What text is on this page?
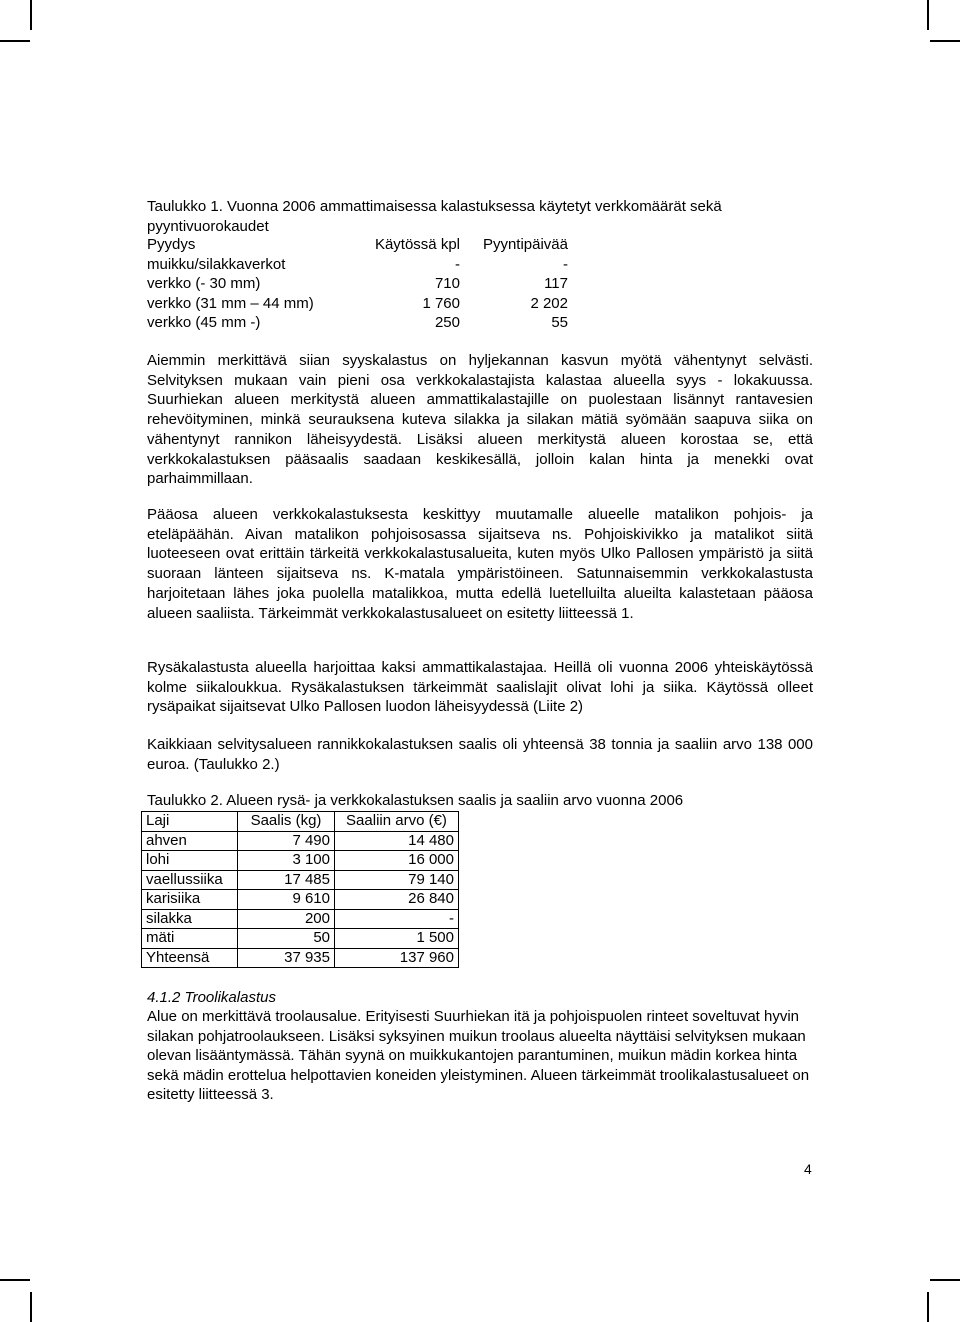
Taulukko 1. Vuonna 2006 ammattimaisessa kalastuksessa käytetyt verkkomäärät sekä pyyntivuorokaudet
Pyydys	Käytössä kpl	Pyyntipäivää
muikku/silakkaverkot	-	-
verkko (- 30 mm)	710	117
verkko (31 mm – 44 mm)	1 760	2 202
verkko (45 mm -)	250	55
Aiemmin merkittävä siian syyskalastus on hyljekannan kasvun myötä vähentynyt selvästi. Selvityksen mukaan vain pieni osa verkkokalastajista kalastaa alueella syys - lokakuussa. Suurhiekan alueen merkitystä alueen ammattikalastajille on puolestaan lisännyt rantavesien rehevöityminen, minkä seurauksena kuteva silakka ja silakan mätiä syömään saapuva siika on vähentynyt rannikon läheisyydestä. Lisäksi alueen merkitystä alueen korostaa se, että verkkokalastuksen pääsaalis saadaan keskikesällä, jolloin kalan hinta ja menekki ovat parhaimmillaan.
Pääosa alueen verkkokalastuksesta keskittyy muutamalle alueelle matalikon pohjois- ja eteläpäähän. Aivan matalikon pohjoisosassa sijaitseva ns. Pohjoiskivikko ja matalikot siitä luoteeseen ovat erittäin tärkeitä verkkokalastusalueita, kuten myös Ulko Pallosen ympäristö ja siitä suoraan länteen sijaitseva ns. K-matala ympäristöineen. Satunnaisemmin verkkokalastusta harjoitetaan lähes joka puolella matalikkoa, mutta edellä luetelluilta alueilta kalastetaan pääosa alueen saaliista. Tärkeimmät verkkokalastusalueet on esitetty liitteessä 1.
Rysäkalastusta alueella harjoittaa kaksi ammattikalastajaa. Heillä oli vuonna 2006 yhteiskäytössä kolme siikaloukkua. Rysäkalastuksen tärkeimmät saalislajit olivat lohi ja siika. Käytössä olleet rysäpaikat sijaitsevat Ulko Pallosen luodon läheisyydessä (Liite 2)
Kaikkiaan selvitysalueen rannikkokalastuksen saalis oli yhteensä 38 tonnia ja saaliin arvo 138 000 euroa. (Taulukko 2.)
Taulukko 2. Alueen rysä- ja verkkokalastuksen saalis ja saaliin arvo vuonna 2006
Laji	Saalis (kg)	Saaliin arvo (€)
ahven	7 490	14 480
lohi	3 100	16 000
vaellussiika	17 485	79 140
karisiika	9 610	26 840
silakka	200	-
mäti	50	1 500
Yhteensä	37 935	137 960
4.1.2 Troolikalastus
Alue on merkittävä troolausalue. Erityisesti Suurhiekan itä ja pohjoispuolen rinteet soveltuvat hyvin silakan pohjatroolaukseen. Lisäksi syksyinen muikun troolaus alueelta näyttäisi selvityksen mukaan olevan lisääntymässä. Tähän syynä on muikkukantojen parantuminen, muikun mädin korkea hinta sekä mädin erottelua helpottavien koneiden yleistyminen. Alueen tärkeimmät troolikalastusalueet on esitetty liitteessä 3.
4
